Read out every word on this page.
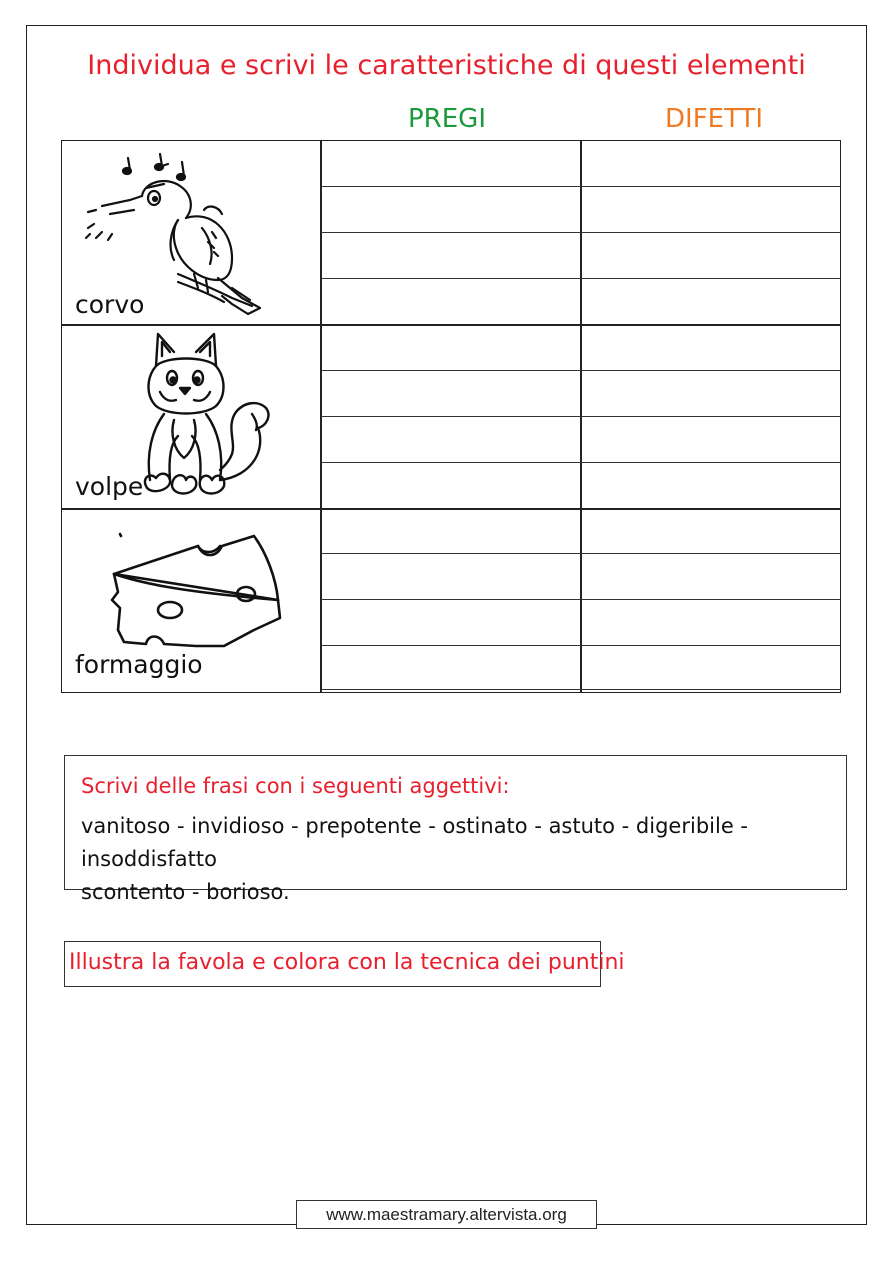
Individua e scrivi le caratteristiche di questi elementi
PREGI	DIFETTI
corvo
volpe
formaggio
Scrivi delle frasi con i seguenti aggettivi:
vanitoso - invidioso - prepotente - ostinato - astuto - digeribile - insoddisfatto
scontento - borioso.
Illustra la favola e colora con la tecnica dei puntini
www.maestramary.altervista.org
